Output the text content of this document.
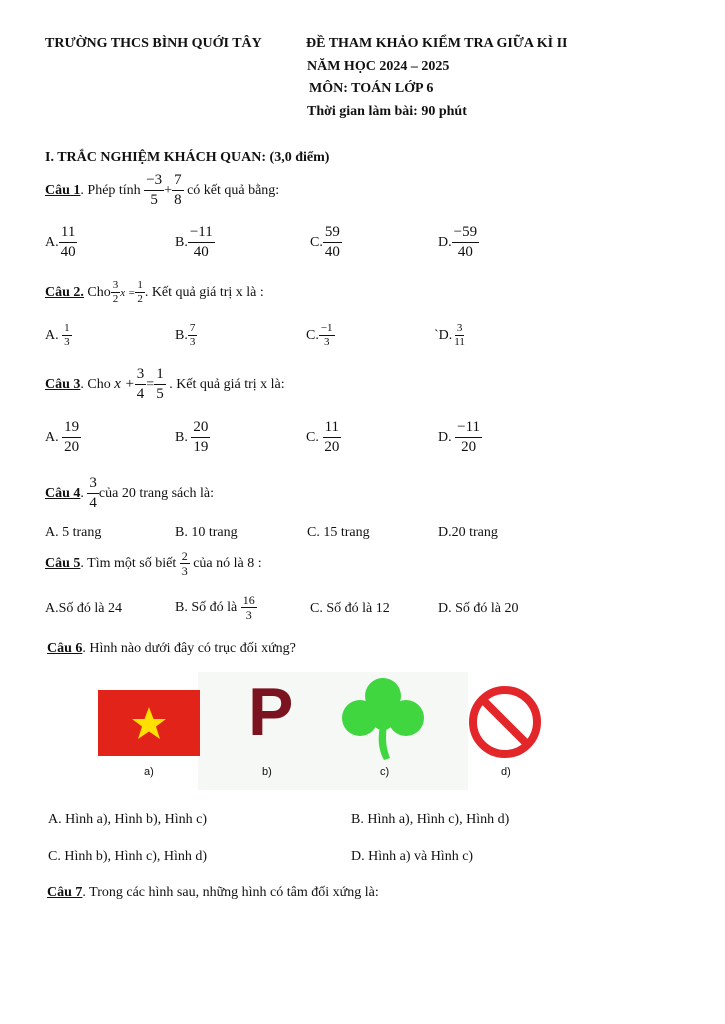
TRƯỜNG THCS BÌNH QUỚI TÂY	ĐỀ THAM KHẢO KIỂM TRA GIỮA KÌ II
NĂM HỌC 2024 – 2025
MÔN: TOÁN LỚP 6
Thời gian làm bài: 90 phút
I. TRẮC NGHIỆM KHÁCH QUAN: (3,0 điểm)
Câu 1 . Phép tính
$\frac{-3}{5} + \frac{7}{8}$
có kết quả bằng:
A. $\frac{11}{40}$	B. $\frac{-11}{40}$	C. $\frac{59}{40}$	D. $\frac{-59}{40}$
Câu 2.
Cho $\frac{3}{2}$ $x = \frac{1}{2}$ . Kết quả giá trị x là :
A.
$\frac{1}{3}$	B. $\frac{7}{3}$	C. $\frac{-1}{3}$	`D. $\frac{3}{11}$
Câu 3 . Cho
$x + \frac{3}{4} = \frac{1}{5}$
. Kết quả giá trị x là:
A.
$\frac{19}{20}$	B.
$\frac{20}{19}$	C.
$\frac{11}{20}$	D.
$\frac{-11}{20}$
Câu 4 .
$\frac{3}{4}$ của 20 trang sách là:
A. 5 trang	B. 10 trang	C. 15 trang	D.20 trang
Câu 5 . Tìm một số biết
$\frac{2}{3}$
của nó là 8 :
A.Số đó là 24	B. Số đó là
$\frac{16}{3}$	C. Số đó là 12	D. Số đó là 20
Câu 6 . Hình nào dưới đây có trục đối xứng?
a)
P
b)	c)	d)
A. Hình a), Hình b), Hình c)	B. Hình a), Hình c), Hình d)
C. Hình b), Hình c), Hình d)	D. Hình a) và Hình c)
Câu 7 . Trong các hình sau, những hình có tâm đối xứng là:
